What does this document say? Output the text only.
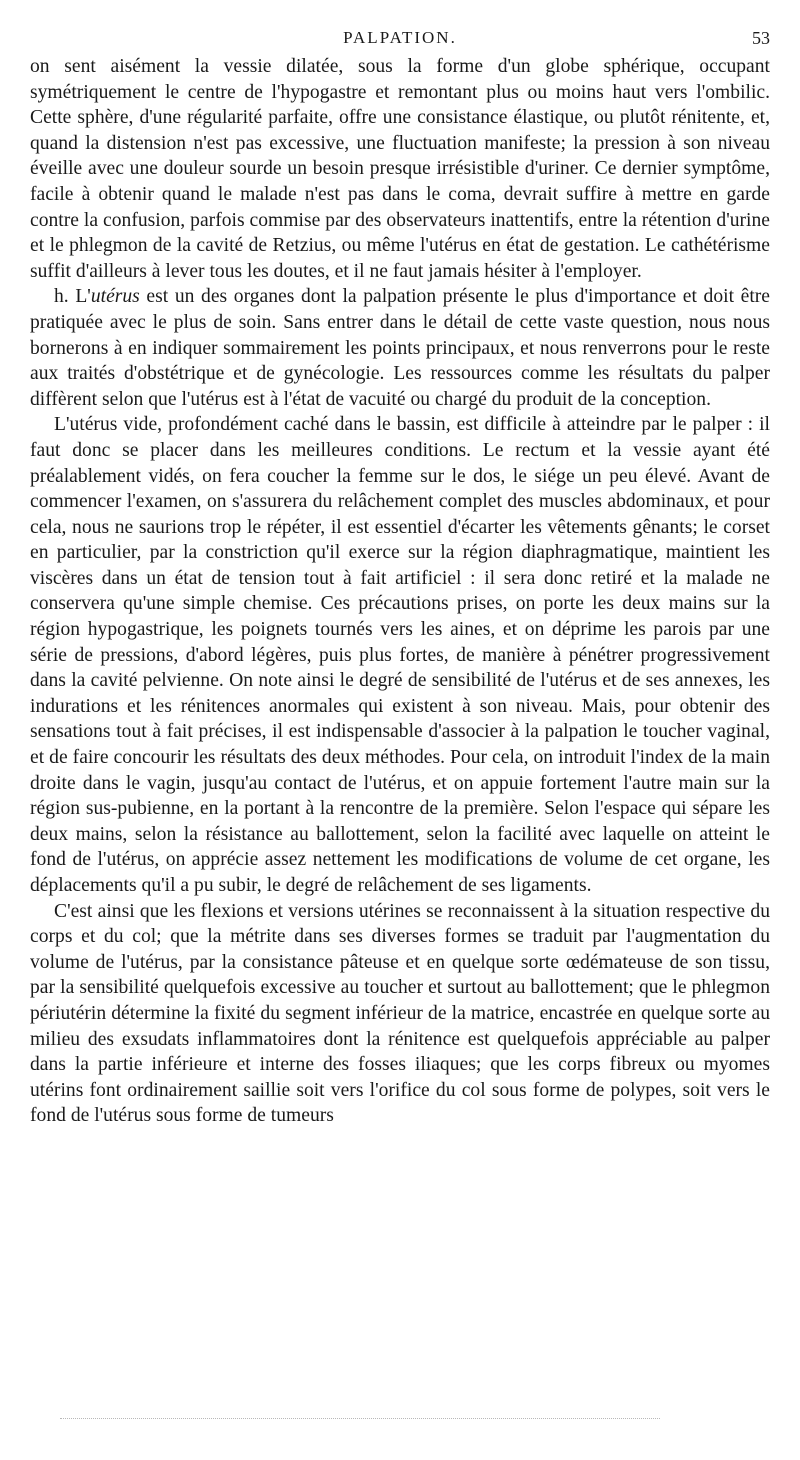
PALPATION.	53

on sent aisément la vessie dilatée, sous la forme d'un globe sphérique, occupant symétriquement le centre de l'hypogastre et remontant plus ou moins haut vers l'ombilic. Cette sphère, d'une régularité parfaite, offre une consistance élastique, ou plutôt rénitente, et, quand la distension n'est pas excessive, une fluctuation manifeste; la pression à son niveau éveille avec une douleur sourde un besoin presque irrésistible d'uriner. Ce dernier symptôme, facile à obtenir quand le malade n'est pas dans le coma, devrait suffire à mettre en garde contre la confusion, parfois commise par des observateurs inattentifs, entre la rétention d'urine et le phlegmon de la cavité de Retzius, ou même l'utérus en état de gestation. Le cathétérisme suffit d'ailleurs à lever tous les doutes, et il ne faut jamais hésiter à l'employer.

h. L'utérus est un des organes dont la palpation présente le plus d'importance et doit être pratiquée avec le plus de soin. Sans entrer dans le détail de cette vaste question, nous nous bornerons à en indiquer sommairement les points principaux, et nous renverrons pour le reste aux traités d'obstétrique et de gynécologie. Les ressources comme les résultats du palper diffèrent selon que l'utérus est à l'état de vacuité ou chargé du produit de la conception.

L'utérus vide, profondément caché dans le bassin, est difficile à atteindre par le palper : il faut donc se placer dans les meilleures conditions. Le rectum et la vessie ayant été préalablement vidés, on fera coucher la femme sur le dos, le siége un peu élevé. Avant de commencer l'examen, on s'assurera du relâchement complet des muscles abdominaux, et pour cela, nous ne saurions trop le répéter, il est essentiel d'écarter les vêtements gênants; le corset en particulier, par la constriction qu'il exerce sur la région diaphragmatique, maintient les viscères dans un état de tension tout à fait artificiel : il sera donc retiré et la malade ne conservera qu'une simple chemise. Ces précautions prises, on porte les deux mains sur la région hypogastrique, les poignets tournés vers les aines, et on déprime les parois par une série de pressions, d'abord légères, puis plus fortes, de manière à pénétrer progressivement dans la cavité pelvienne. On note ainsi le degré de sensibilité de l'utérus et de ses annexes, les indurations et les rénitences anormales qui existent à son niveau. Mais, pour obtenir des sensations tout à fait précises, il est indispensable d'associer à la palpation le toucher vaginal, et de faire concourir les résultats des deux méthodes. Pour cela, on introduit l'index de la main droite dans le vagin, jusqu'au contact de l'utérus, et on appuie fortement l'autre main sur la région sus-pubienne, en la portant à la rencontre de la première. Selon l'espace qui sépare les deux mains, selon la résistance au ballottement, selon la facilité avec laquelle on atteint le fond de l'utérus, on apprécie assez nettement les modifications de volume de cet organe, les déplacements qu'il a pu subir, le degré de relâchement de ses ligaments.

C'est ainsi que les flexions et versions utérines se reconnaissent à la situation respective du corps et du col; que la métrite dans ses diverses formes se traduit par l'augmentation du volume de l'utérus, par la consistance pâteuse et en quelque sorte œdémateuse de son tissu, par la sensibilité quelquefois excessive au toucher et surtout au ballottement; que le phlegmon périutérin détermine la fixité du segment inférieur de la matrice, encastrée en quelque sorte au milieu des exsudats inflammatoires dont la rénitence est quelquefois appréciable au palper dans la partie inférieure et interne des fosses iliaques; que les corps fibreux ou myomes utérins font ordinairement saillie soit vers l'orifice du col sous forme de polypes, soit vers le fond de l'utérus sous forme de tumeurs
